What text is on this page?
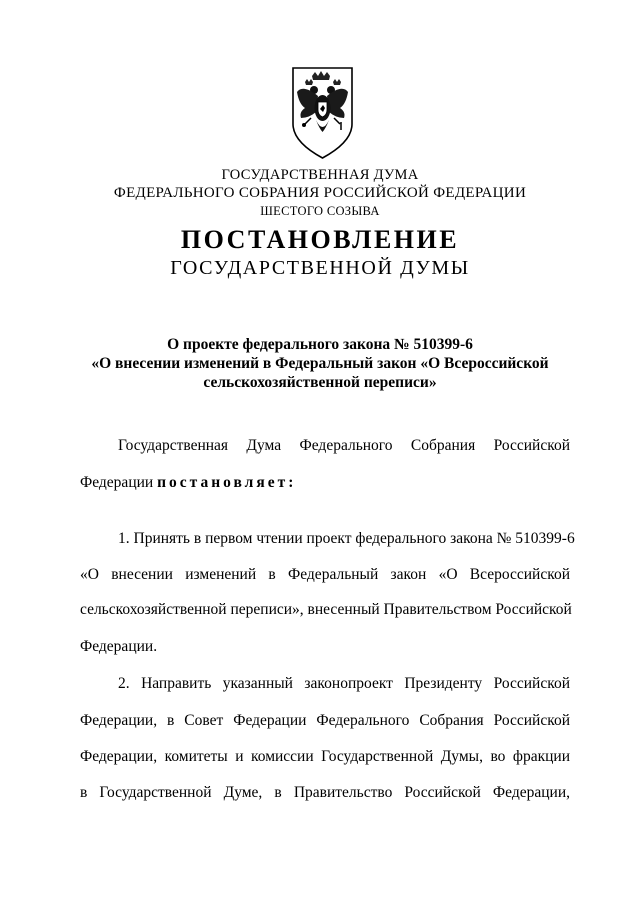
ГОСУДАРСТВЕННАЯ ДУМА
ФЕДЕРАЛЬНОГО СОБРАНИЯ РОССИЙСКОЙ ФЕДЕРАЦИИ
ШЕСТОГО СОЗЫВА
ПОСТАНОВЛЕНИЕ
ГОСУДАРСТВЕННОЙ ДУМЫ
О проекте федерального закона № 510399-6
«О внесении изменений в Федеральный закон «О Всероссийской
сельскохозяйственной переписи»
Государственная Дума Федерального Собрания Российской
Федерации постановляет:
1. Принять в первом чтении проект федерального закона № 510399-6
«О внесении изменений в Федеральный закон «О Всероссийской
сельскохозяйственной переписи», внесенный Правительством Российской
Федерации.
2. Направить указанный законопроект Президенту Российской
Федерации, в Совет Федерации Федерального Собрания Российской
Федерации, комитеты и комиссии Государственной Думы, во фракции
в Государственной Думе, в Правительство Российской Федерации,
